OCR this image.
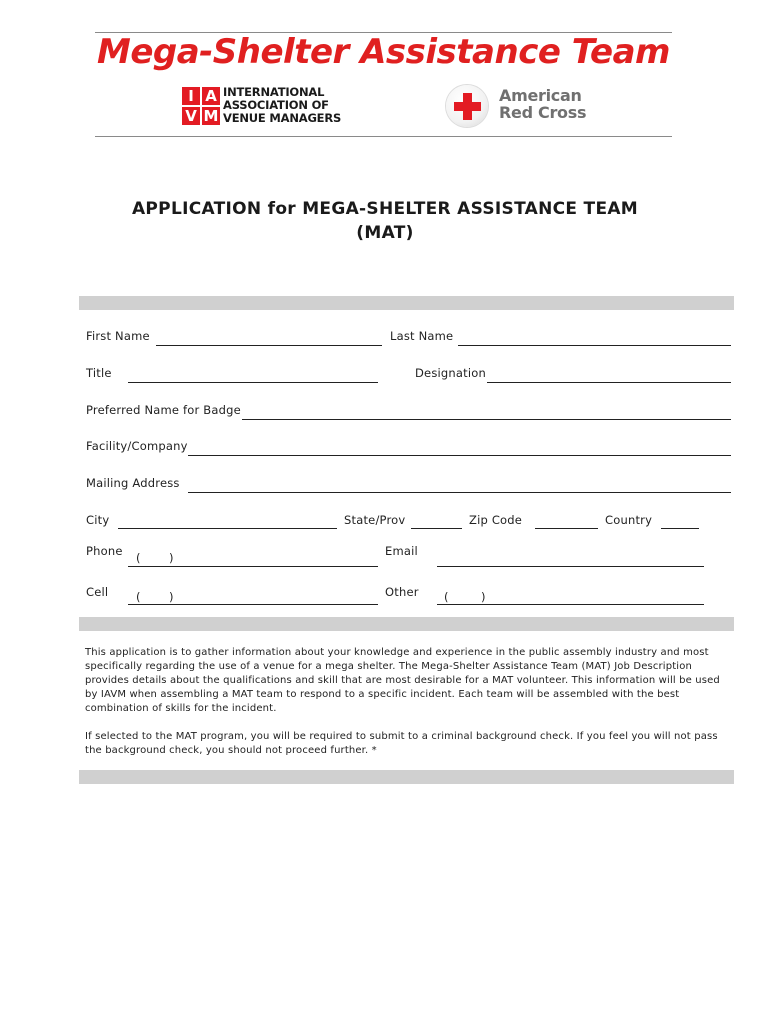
Mega-Shelter Assistance Team
I A
V M
INTERNATIONAL
ASSOCIATION OF
VENUE MANAGERS
American
Red Cross
APPLICATION for MEGA-SHELTER ASSISTANCE TEAM
(MAT)
First Name	Last Name
Title	Designation
Preferred Name for Badge
Facility/Company
Mailing Address
City	State/Prov	Zip Code	Country
Phone ( )	Email
Cell ( )	Other (	)
This application is to gather information about your knowledge and experience in the public assembly industry and most specifically regarding the use of a venue for a mega shelter. The Mega-Shelter Assistance Team (MAT) Job Description provides details about the qualifications and skill that are most desirable for a MAT volunteer. This information will be used by IAVM when assembling a MAT team to respond to a specific incident. Each team will be assembled with the best combination of skills for the incident.
If selected to the MAT program, you will be required to submit to a criminal background check. If you feel you will not pass the background check, you should not proceed further. *
